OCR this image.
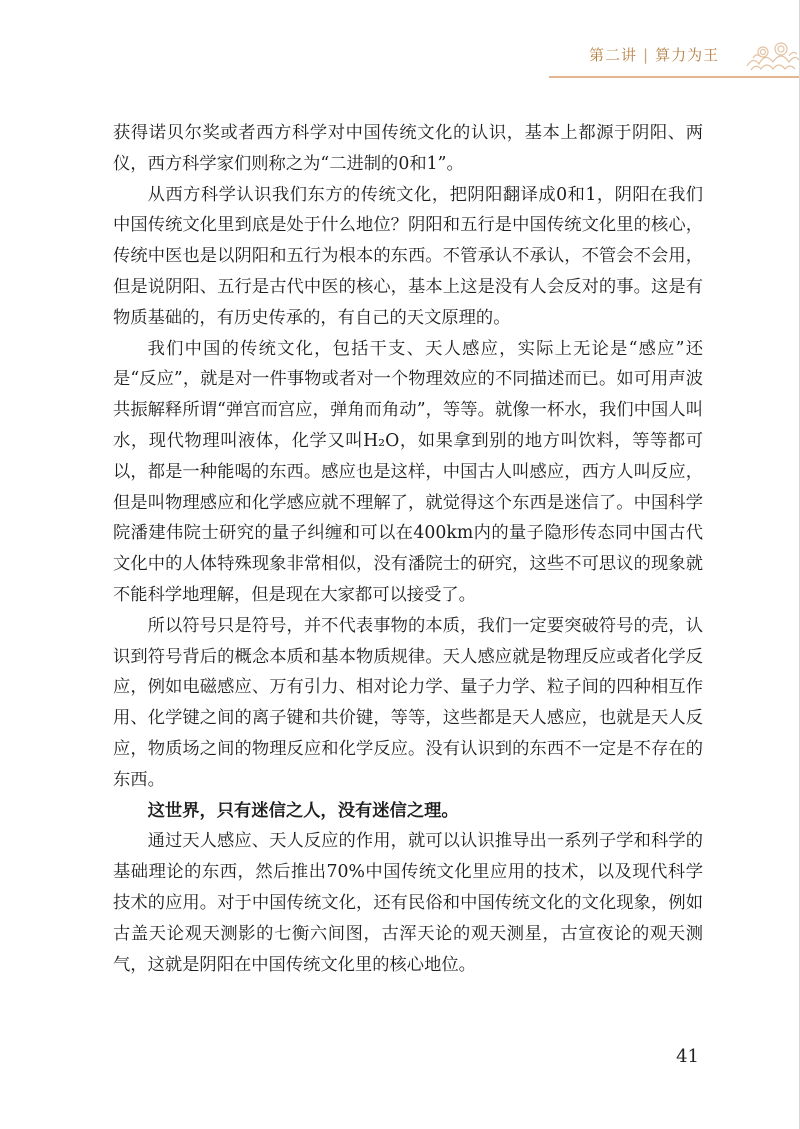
第二讲 | 算力为王

获得诺贝尔奖或者西方科学对中国传统文化的认识，基本上都源于阴阳、两仪，西方科学家们则称之为“二进制的0和1”。

从西方科学认识我们东方的传统文化，把阴阳翻译成0和1，阴阳在我们中国传统文化里到底是处于什么地位？阴阳和五行是中国传统文化里的核心，传统中医也是以阴阳和五行为根本的东西。不管承认不承认，不管会不会用，但是说阴阳、五行是古代中医的核心，基本上这是没有人会反对的事。这是有物质基础的，有历史传承的，有自己的天文原理的。

我们中国的传统文化，包括干支、天人感应，实际上无论是“感应”还是“反应”，就是对一件事物或者对一个物理效应的不同描述而已。如可用声波共振解释所谓“弹宫而宫应，弹角而角动”，等等。就像一杯水，我们中国人叫水，现代物理叫液体，化学又叫H₂O，如果拿到别的地方叫饮料，等等都可以，都是一种能喝的东西。感应也是这样，中国古人叫感应，西方人叫反应，但是叫物理感应和化学感应就不理解了，就觉得这个东西是迷信了。中国科学院潘建伟院士研究的量子纠缠和可以在400km内的量子隐形传态同中国古代文化中的人体特殊现象非常相似，没有潘院士的研究，这些不可思议的现象就不能科学地理解，但是现在大家都可以接受了。

所以符号只是符号，并不代表事物的本质，我们一定要突破符号的壳，认识到符号背后的概念本质和基本物质规律。天人感应就是物理反应或者化学反应，例如电磁感应、万有引力、相对论力学、量子力学、粒子间的四种相互作用、化学键之间的离子键和共价键，等等，这些都是天人感应，也就是天人反应，物质场之间的物理反应和化学反应。没有认识到的东西不一定是不存在的东西。

这世界，只有迷信之人，没有迷信之理。

通过天人感应、天人反应的作用，就可以认识推导出一系列子学和科学的基础理论的东西，然后推出70%中国传统文化里应用的技术，以及现代科学技术的应用。对于中国传统文化，还有民俗和中国传统文化的文化现象，例如古盖天论观天测影的七衡六间图，古浑天论的观天测星，古宣夜论的观天测气，这就是阴阳在中国传统文化里的核心地位。

41
